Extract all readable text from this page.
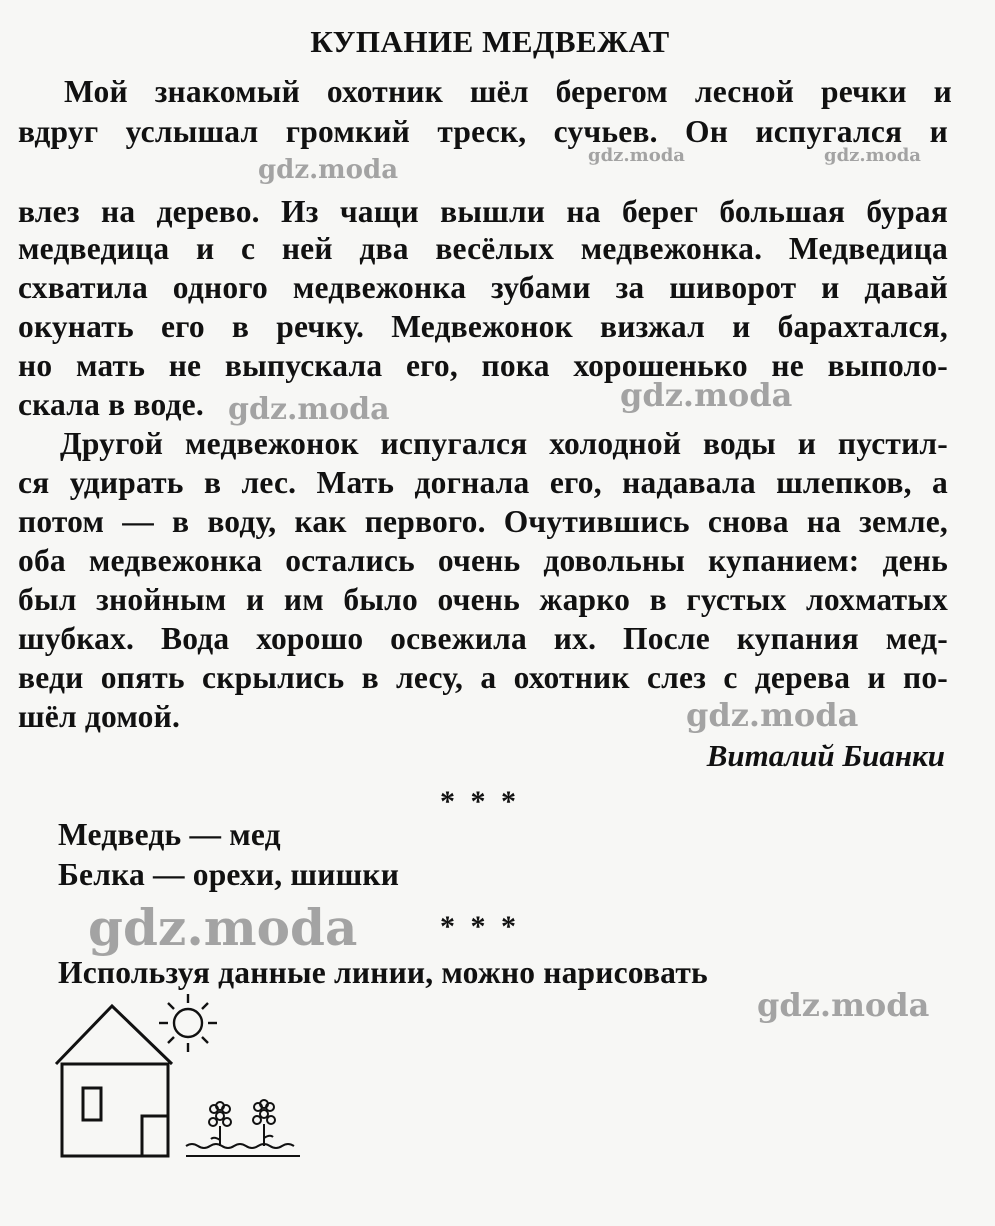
КУПАНИЕ МЕДВЕЖАТ
Мой знакомый охотник шёл берегом лесной речки и
вдруг услышал громкий треск, сучьев. Он испугался и
влез на дерево. Из чащи вышли на берег большая бурая
медведица и с ней два весёлых медвежонка. Медведица
схватила одного медвежонка зубами за шиворот и давай
окунать его в речку. Медвежонок визжал и барахтался,
но мать не выпускала его, пока хорошенько не выполо-
скала в воде.
Другой медвежонок испугался холодной воды и пустил-
ся удирать в лес. Мать догнала его, надавала шлепков, а
потом — в воду, как первого. Очутившись снова на земле,
оба медвежонка остались очень довольны купанием: день
был знойным и им было очень жарко в густых лохматых
шубках. Вода хорошо освежила их. После купания мед-
веди опять скрылись в лесу, а охотник слез с дерева и по-
шёл домой.
Виталий Бианки
* * *
Медведь — мед
Белка — орехи, шишки
* * *
Используя данные линии, можно нарисовать
gdz.moda	gdz.moda	gdz.moda
gdz.moda	gdz.moda
gdz.moda
gdz.moda
gdz.moda
